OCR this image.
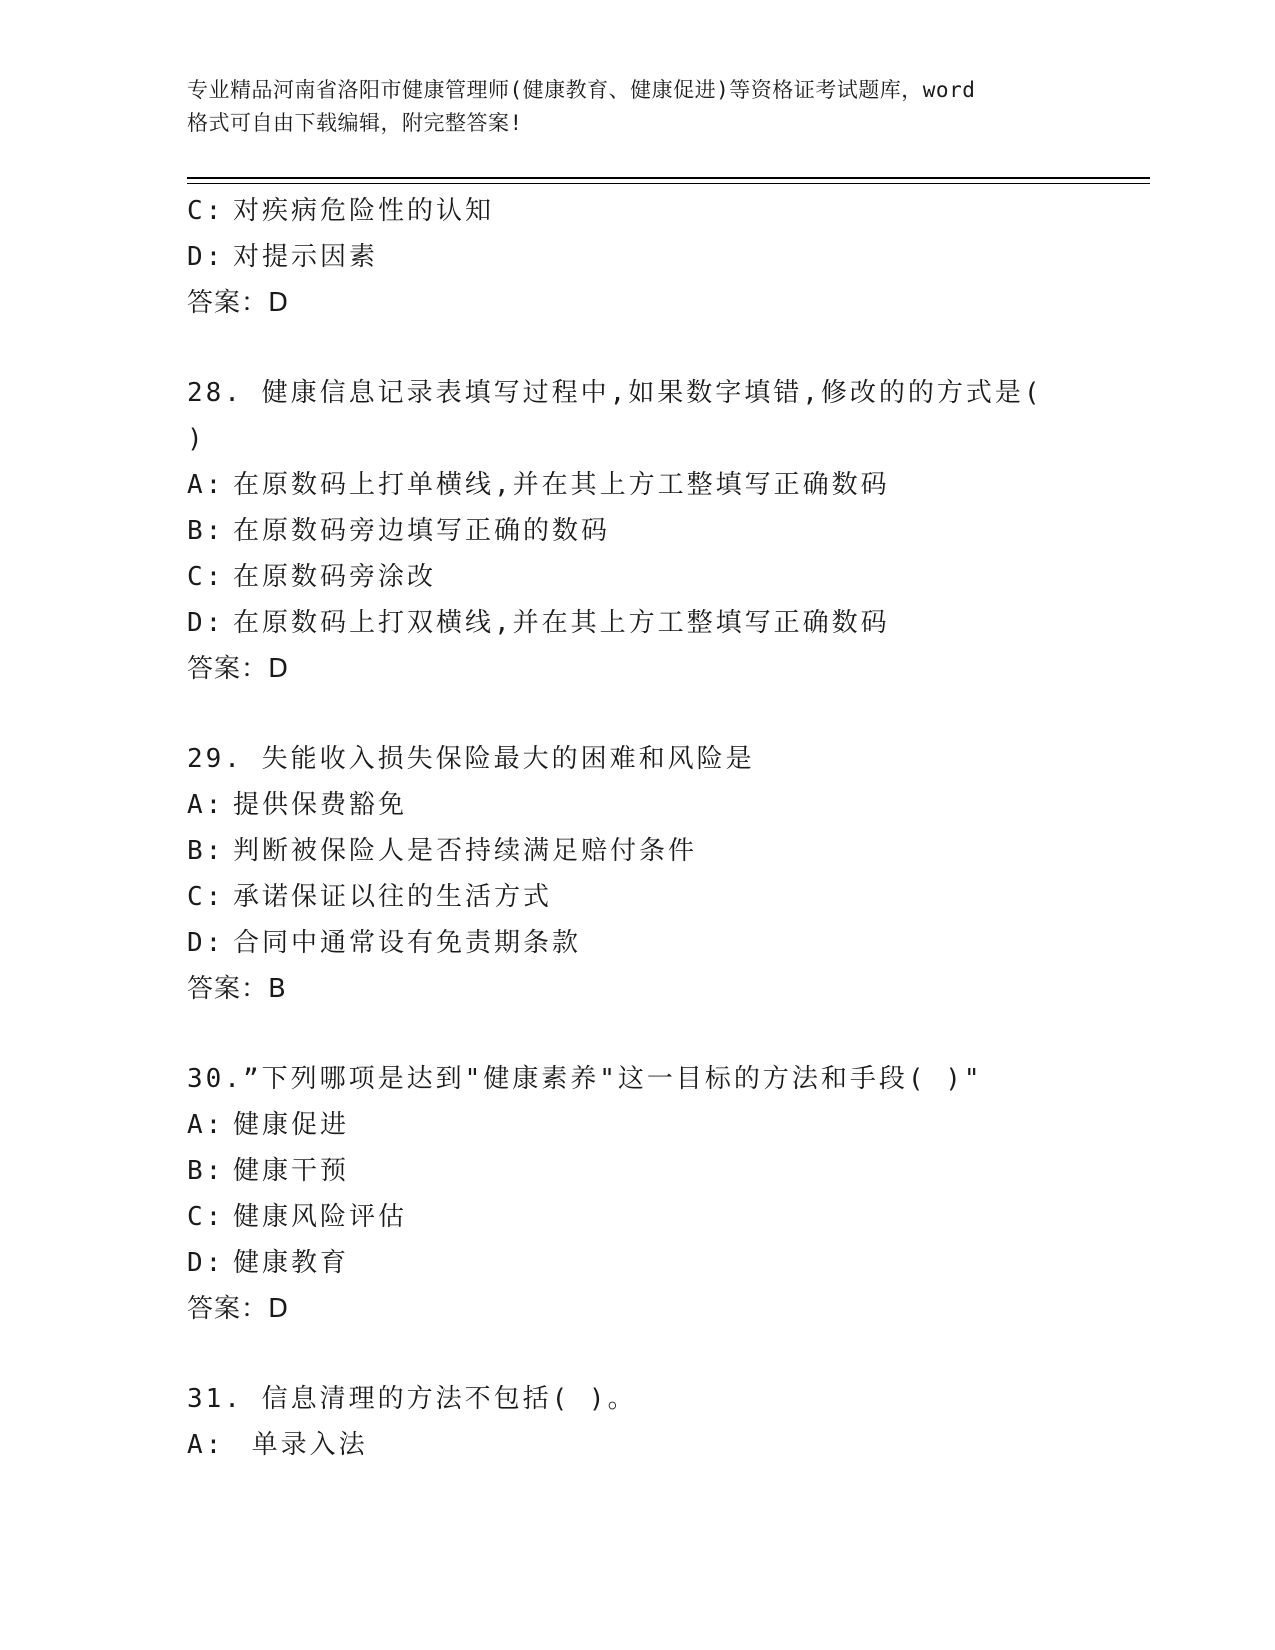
专业精品河南省洛阳市健康管理师(健康教育、健康促进)等资格证考试题库，word
格式可自由下载编辑，附完整答案!
C: 对疾病危险性的认知
D: 对提示因素
答案：D
28. 健康信息记录表填写过程中,如果数字填错,修改的的方式是(
)
A: 在原数码上打单横线,并在其上方工整填写正确数码
B: 在原数码旁边填写正确的数码
C: 在原数码旁涂改
D: 在原数码上打双横线,并在其上方工整填写正确数码
答案：D
29. 失能收入损失保险最大的困难和风险是
A: 提供保费豁免
B: 判断被保险人是否持续满足赔付条件
C: 承诺保证以往的生活方式
D: 合同中通常设有免责期条款
答案：B
30.”下列哪项是达到"健康素养"这一目标的方法和手段( )"
A: 健康促进
B: 健康干预
C: 健康风险评估
D: 健康教育
答案：D
31. 信息清理的方法不包括( )。
A: 单录入法
